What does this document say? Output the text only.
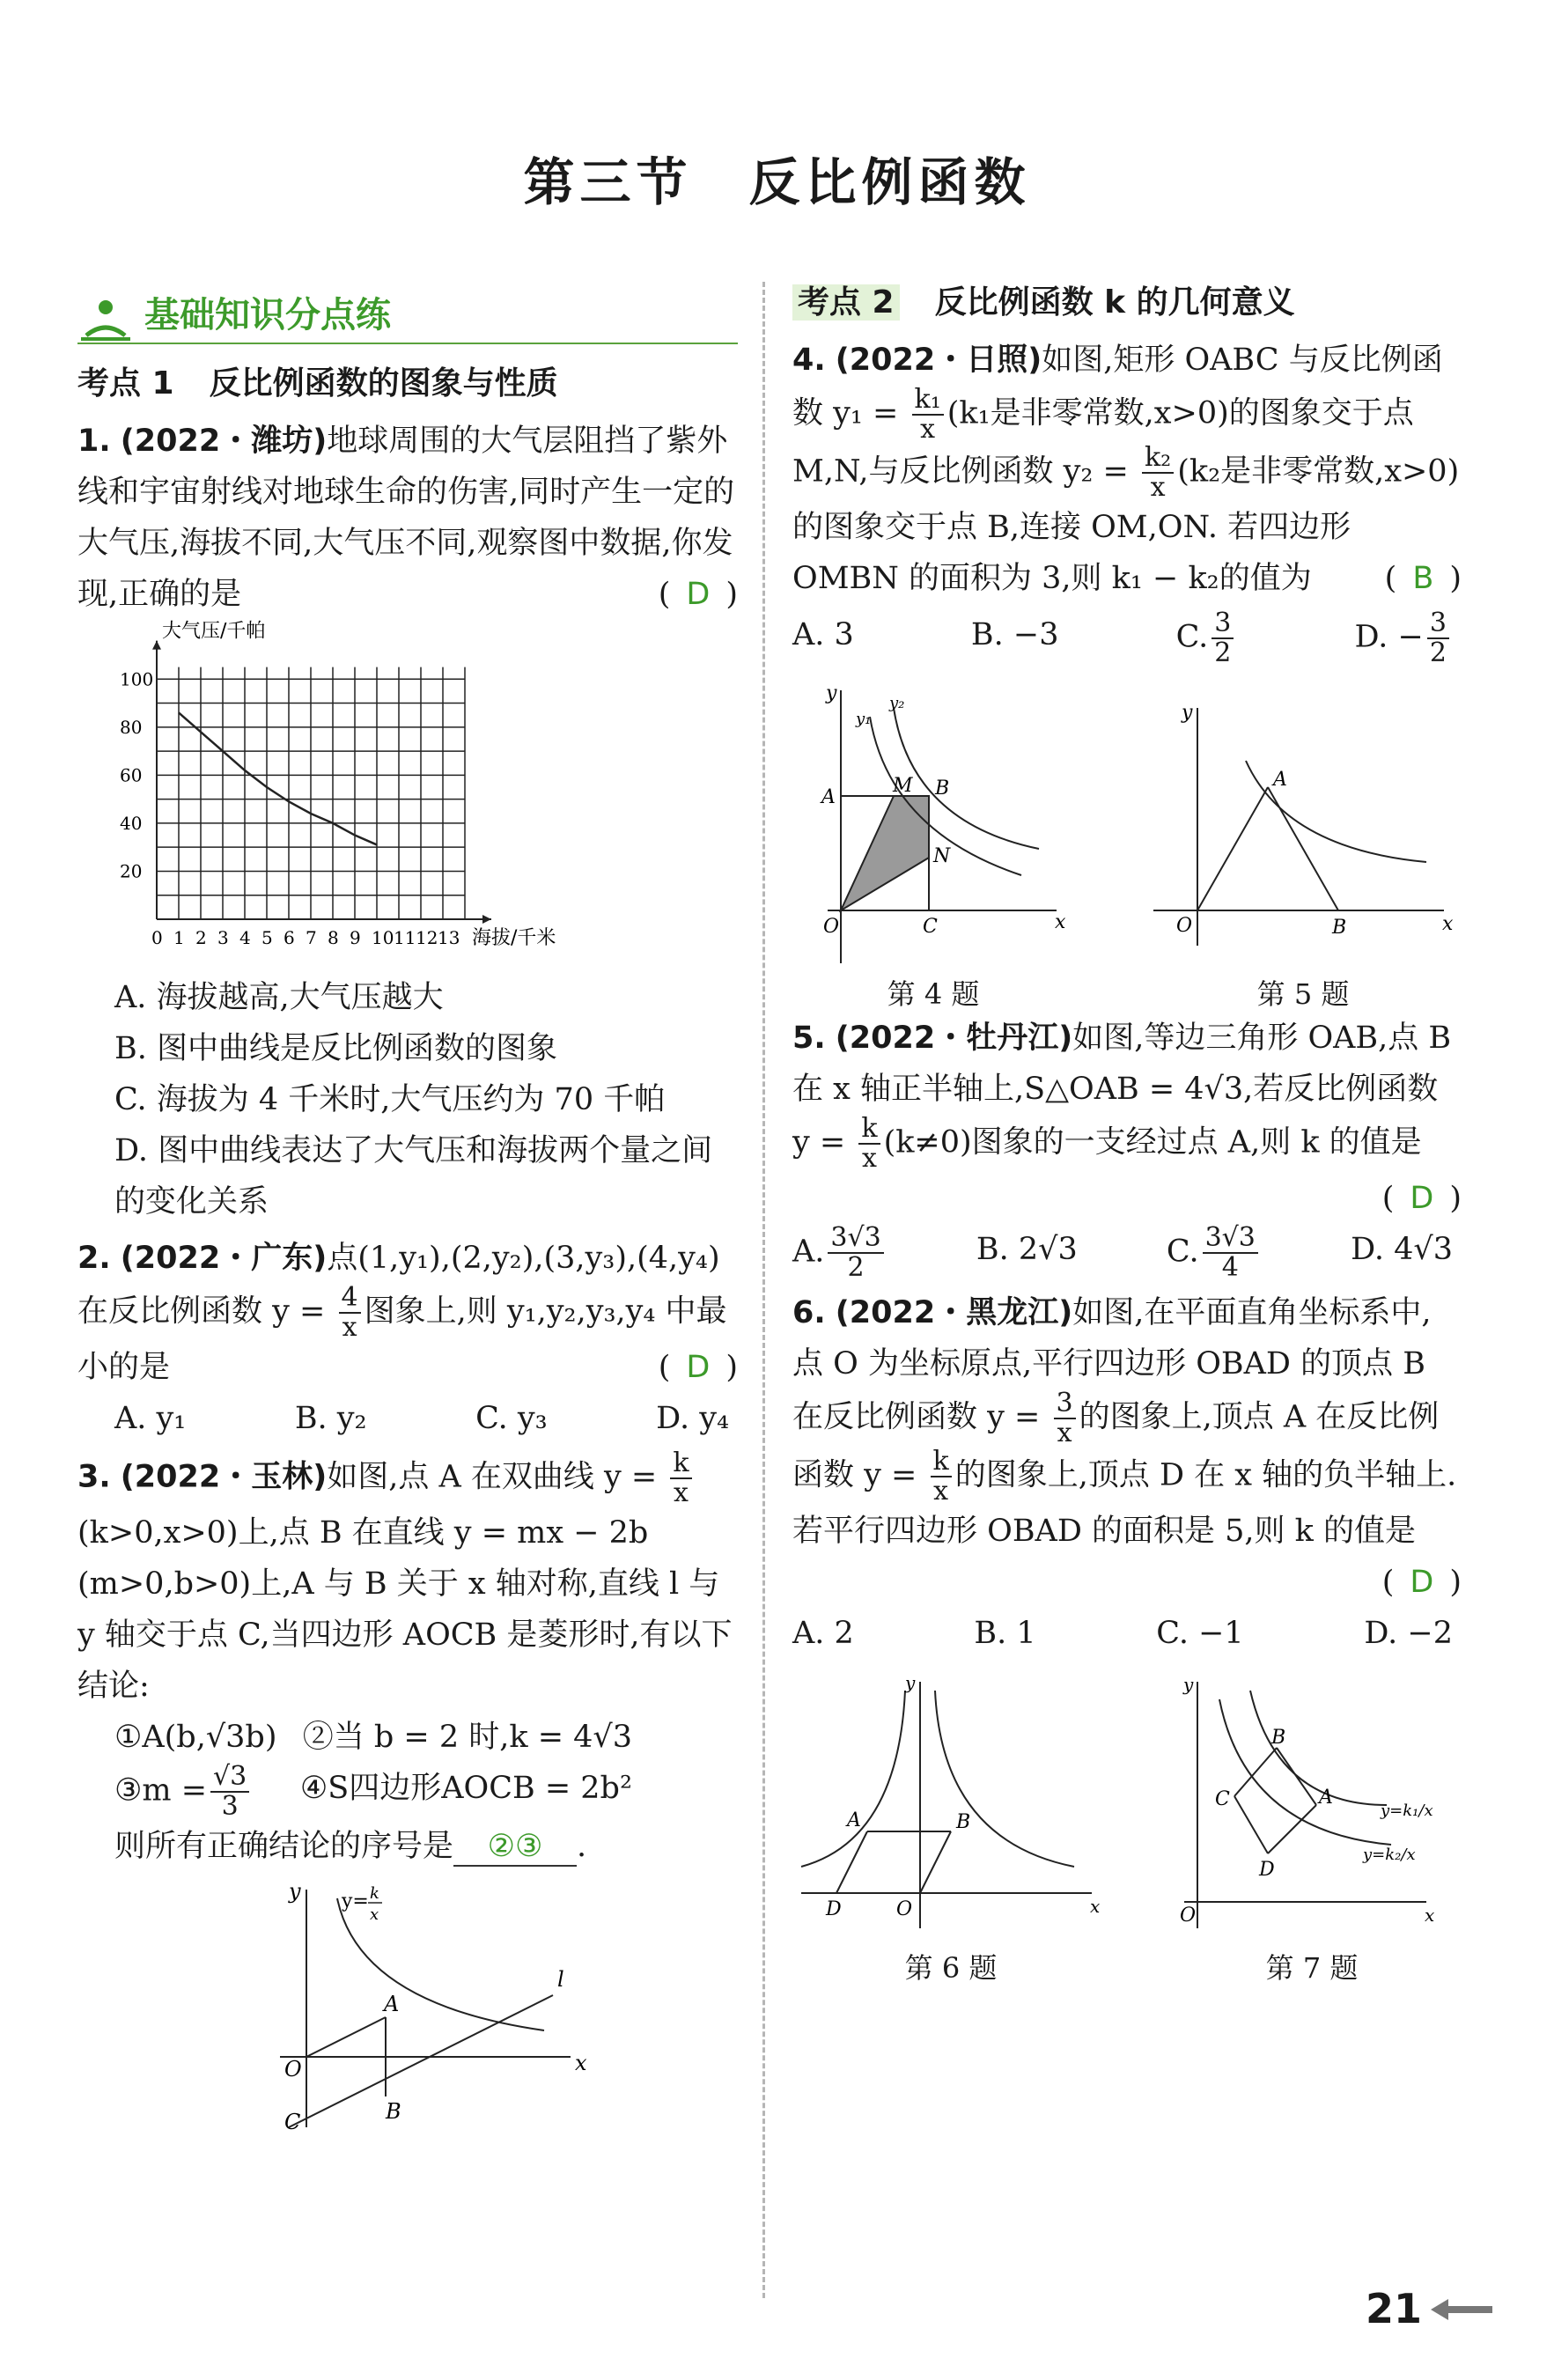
第三节　反比例函数
基础知识分点练
考点 1 反比例函数的图象与性质

1. (2022・潍坊)地球周围的大气层阻挡了紫外线和宇宙射线对地球生命的伤害,同时产生一定的大气压,海拔不同,大气压不同,观察图中数据,你发现,正确的是	( D )

0 1 2 3 4 5 6 7 8 9 10 11 12 13
20
40
60
80
100
大气压/千帕
海拔/千米
A. 海拔越高,大气压越大
B. 图中曲线是反比例函数的图象
C. 海拔为 4 千米时,大气压约为 70 千帕
D. 图中曲线表达了大气压和海拔两个量之间的变化关系

2. (2022・广东)点(1,y₁),(2,y₂),(3,y₃),(4,y₄)在反比例函数 $y = \frac{4}{x}$ 图象上,则 y₁,y₂,y₃,y₄ 中最小的是	( D )

A. y₁	B. y₂	C. y₃	D. y₄

3. (2022・玉林)如图,点 A 在双曲线 $y = \frac{k}{x}$
(k>0,x>0)上,点 B 在直线 y = mx − 2b (m>0,b>0)上,A 与 B 关于 x 轴对称,直线 l 与 y 轴交于点 C,当四边形 AOCB 是菱形时,有以下结论:

①A(b,√3b) ②当 b = 2 时,k = 4√3
③m = $\frac{√3}{3}$ ④S四边形AOCB = 2b²

则所有正确结论的序号是 ②③ .

y
x
O
A
B
C
l
y= k
x
考点 2 反比例函数 k 的几何意义

4. (2022・日照)如图,矩形 OABC 与反比例函数 $y_1 = \frac{\text{k₁}}{x} (k_1$是非零常数,x>0)的图象交于点 M,N,与反比例函数 $y_2 = \frac{\text{k₂}}{x} (k_2$是非零常数,x>0)的图象交于点 B,连接 OM,ON. 若四边形 OMBN 的面积为 3,则 k₁ − k₂的值为 ( B )

A. 3	B. −3	C. $\frac{3}{2}$	D. − $\frac{3}{2}$
y
x
O
A	B
C
M
N
y₁
y₂
第 4 题
y
x
O
A
B
第 5 题

5. (2022・牡丹江)如图,等边三角形 OAB,点 B 在 x 轴正半轴上,S△OAB = 4√3,若反比例函数 $y = \frac{k}{x} (k\ne 0)$图象的一支经过点 A,则 k 的值是
( D )

A. $\frac{3√3}{2}$	B. 2√3	C. $\frac{3√3}{4}$	D. 4√3

6. (2022・黑龙江)如图,在平面直角坐标系中,点 O 为坐标原点,平行四边形 OBAD 的顶点 B 在反比例函数 $y = \frac{3}{x}$ 的图象上,顶点 A 在反比例函数 $y = \frac{k}{x}$ 的图象上,顶点 D 在 x 轴的负半轴上. 若平行四边形 OBAD 的面积是 5,则 k 的值是
( D )

A. 2	B. 1	C. −1	D. −2
y
x
O
A	B
D
第 6 题
y
x
O
A
B
C
D
y=k₁/x
y=k₂/x
第 7 题
21
